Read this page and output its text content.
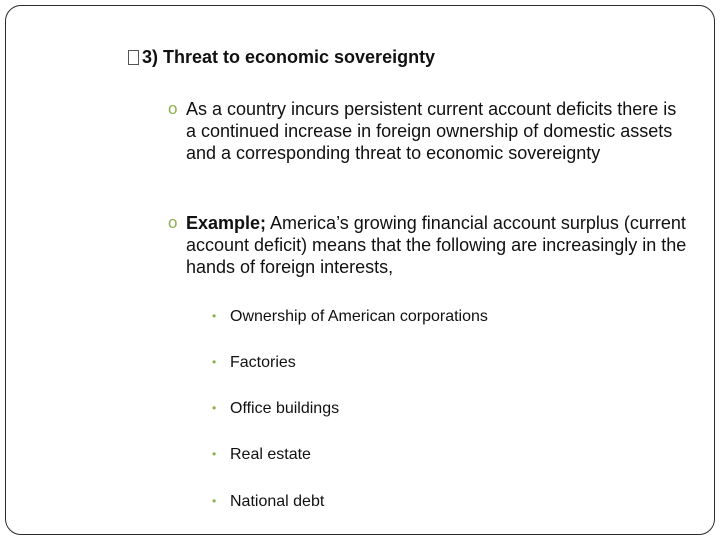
3) Threat to economic sovereignty
o As a country incurs persistent current account deficits there is a continued increase in foreign ownership of domestic assets and a corresponding threat to economic sovereignty
o Example; America’s growing financial account surplus (current account deficit) means that the following are increasingly in the hands of foreign interests,
• Ownership of American corporations
• Factories
• Office buildings
• Real estate
• National debt
